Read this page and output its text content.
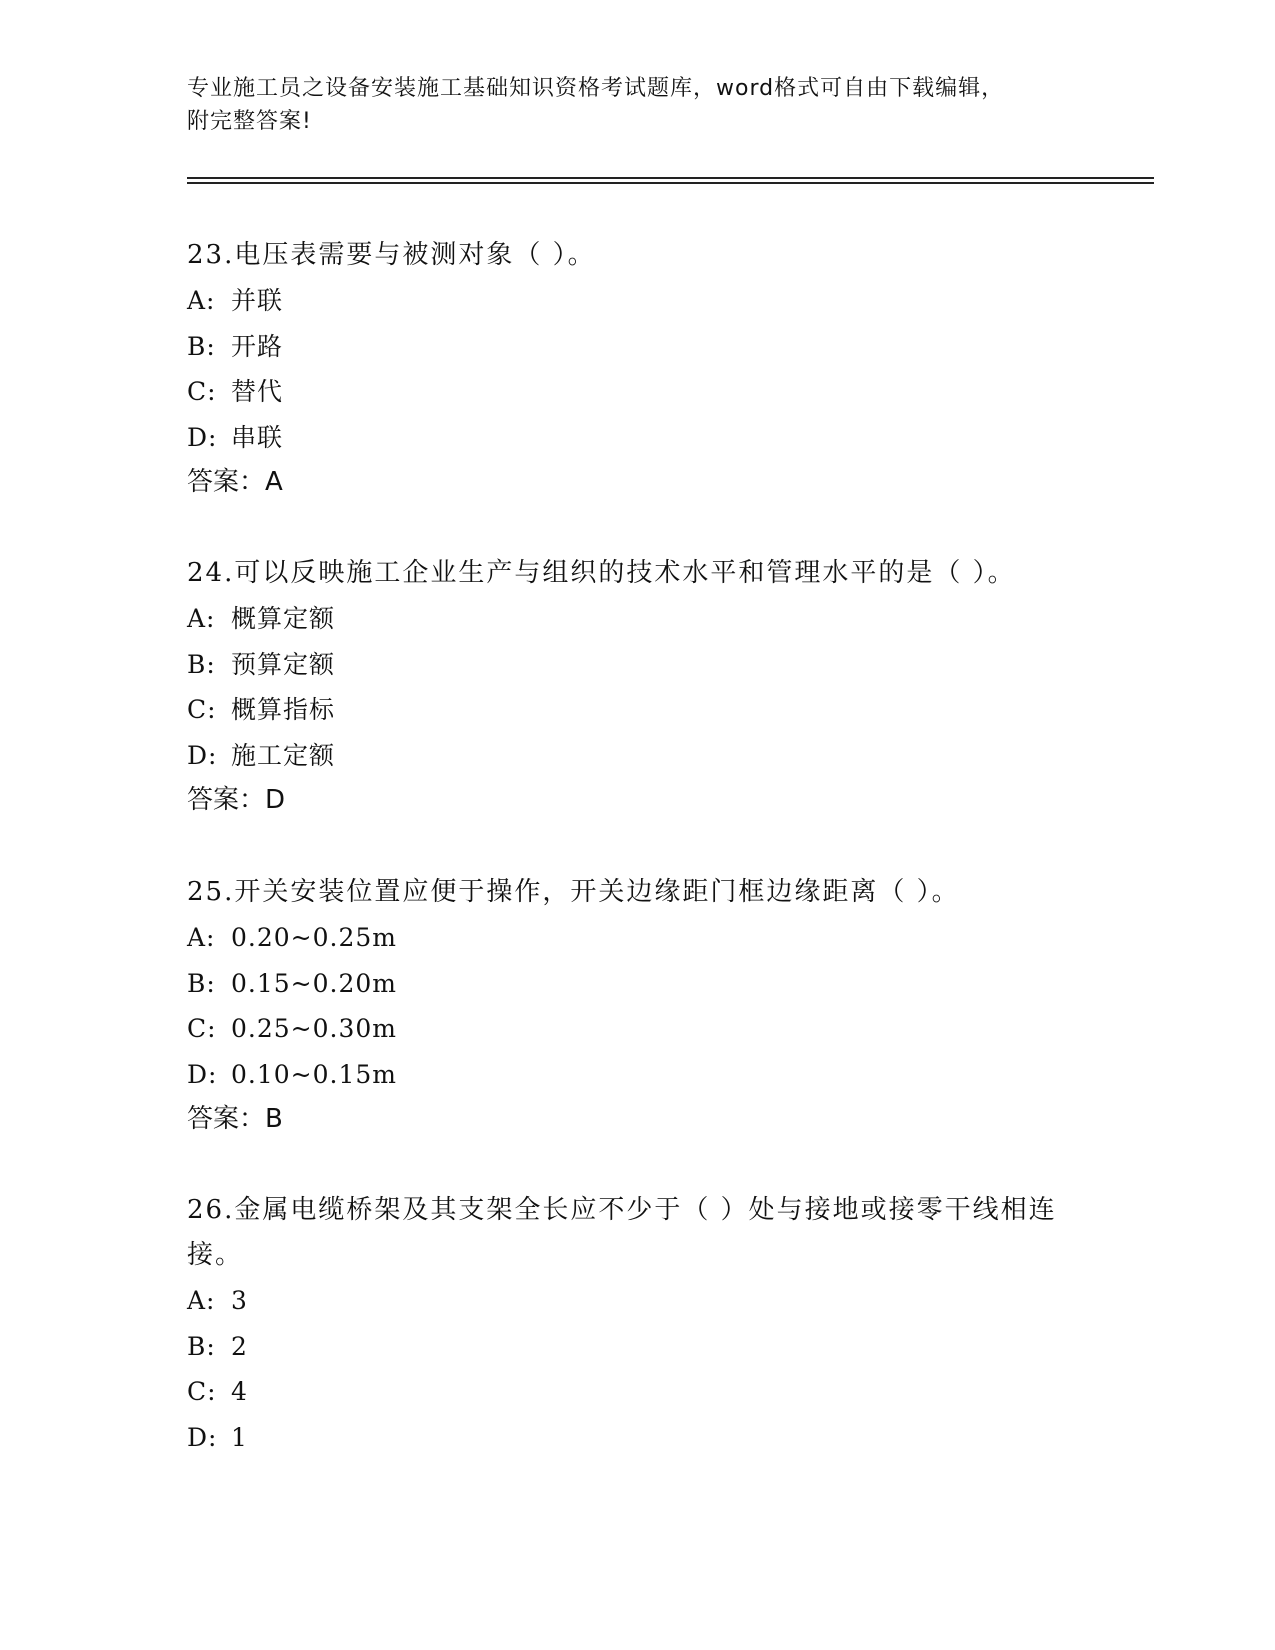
专业施工员之设备安装施工基础知识资格考试题库，word格式可自由下载编辑，
附完整答案!
23.电压表需要与被测对象（ ）。
A: 并联
B: 开路
C: 替代
D: 串联
答案：A
24.可以反映施工企业生产与组织的技术水平和管理水平的是（ ）。
A: 概算定额
B: 预算定额
C: 概算指标
D: 施工定额
答案：D
25.开关安装位置应便于操作，开关边缘距门框边缘距离（ ）。
A: 0.20~0.25m
B: 0.15~0.20m
C: 0.25~0.30m
D: 0.10~0.15m
答案：B
26.金属电缆桥架及其支架全长应不少于（ ）处与接地或接零干线相连接。
A: 3
B: 2
C: 4
D: 1
